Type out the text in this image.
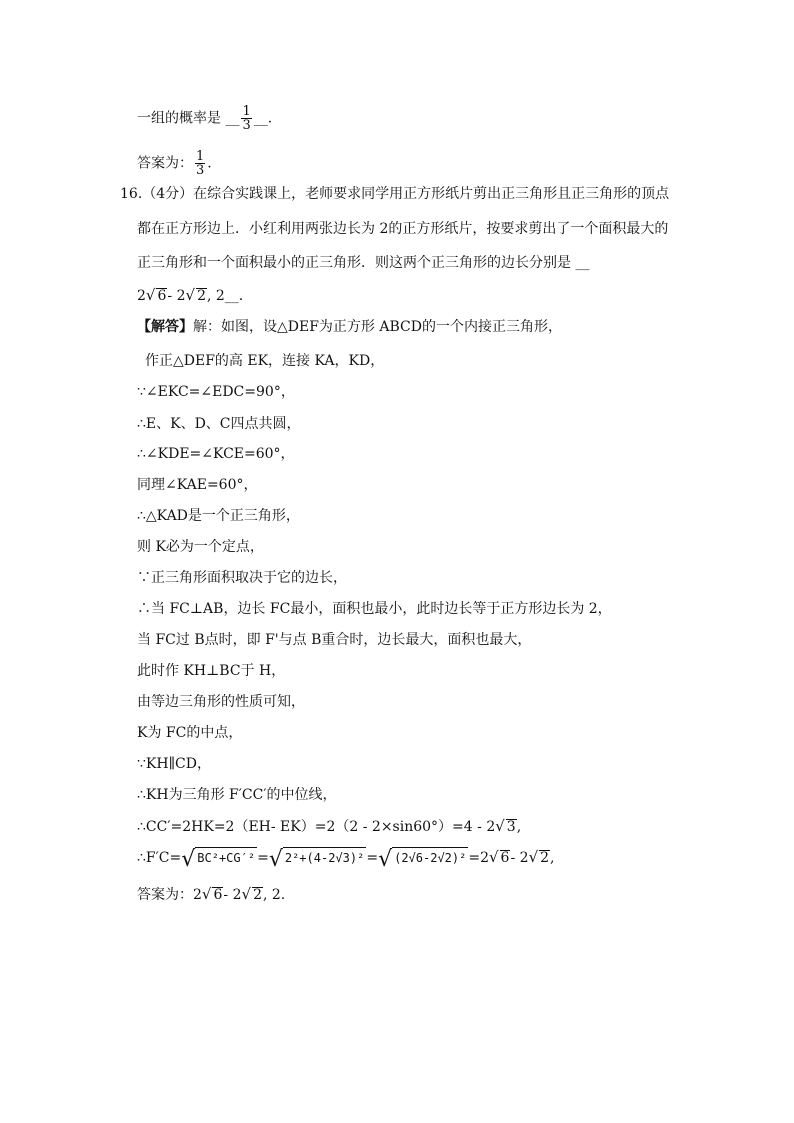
一组的概率是 __ $\frac{1}{3}$ __.
答案为： $\frac{1}{3}$ .
16.（4分）在综合实践课上，老师要求同学用正方形纸片剪出正三角形且正三角形的顶点
都在正方形边上．小红利用两张边长为 2的正方形纸片，按要求剪出了一个面积最大的
正三角形和一个面积最小的正三角形．则这两个正三角形的边长分别是 __
2√ 6- 2√ 2, 2__.
【解答】解：如图，设△DEF为正方形 ABCD的一个内接正三角形，
作正△DEF的高 EK，连接 KA，KD，
∵∠EKC=∠EDC=90°，
∴E、K、D、C四点共圆，
∴∠KDE=∠KCE=60°，
同理∠KAE=60°，
∴△KAD是一个正三角形，
则 K必为一个定点，
∵正三角形面积取决于它的边长，
∴当 FC⊥AB，边长 FC最小，面积也最小，此时边长等于正方形边长为 2，
当 FC过 B点时，即 F'与点 B重合时，边长最大，面积也最大，
此时作 KH⊥BC于 H，
由等边三角形的性质可知，
K为 FC的中点，
∵KH∥CD，
∴KH为三角形 F′CC′的中位线，
∴CC′=2HK=2（EH- EK）=2（2 - 2×sin60°）=4 - 2√ 3,
∴F′C=√ BC²+CG′² =√ 2²+(4-2√3)² =√ (2√6-2√2)² =2√ 6- 2√ 2,
答案为：2√ 6- 2√ 2, 2.
